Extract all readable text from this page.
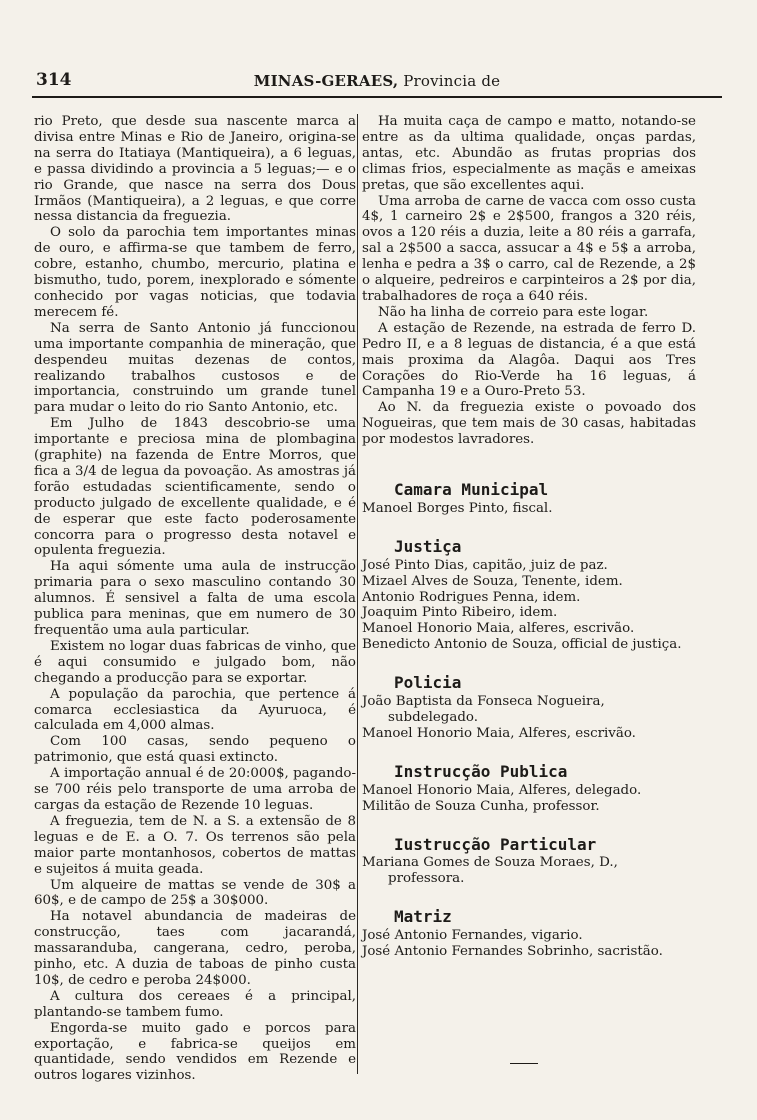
314	MINAS-GERAES, Provincia de

rio Preto, que desde sua nascente marca a divisa entre Minas e Rio de Janeiro, origina-se na serra do Itatiaya (Mantiqueira), a 6 leguas, e passa dividindo a provincia a 5 leguas;— e o rio Grande, que nasce na serra dos Dous Irmãos (Mantiqueira), a 2 leguas, e que corre nessa distancia da freguezia.

O solo da parochia tem importantes minas de ouro, e affirma-se que tambem de ferro, cobre, estanho, chumbo, mercurio, platina e bismutho, tudo, porem, inexplorado e sómente conhecido por vagas noticias, que todavia merecem fé.

Na serra de Santo Antonio já funccionou uma importante companhia de mineração, que despendeu muitas dezenas de contos, realizando trabalhos custosos e de importancia, construindo um grande tunel para mudar o leito do rio Santo Antonio, etc.

Em Julho de 1843 descobrio-se uma importante e preciosa mina de plombagina (graphite) na fazenda de Entre Morros, que fica a 3/4 de legua da povoação. As amostras já forão estudadas scientificamente, sendo o producto julgado de excellente qualidade, e é de esperar que este facto poderosamente concorra para o progresso desta notavel e opulenta freguezia.

Ha aqui sómente uma aula de instrucção primaria para o sexo masculino contando 30 alumnos. É sensivel a falta de uma escola publica para meninas, que em numero de 30 frequentão uma aula particular.

Existem no logar duas fabricas de vinho, que é aqui consumido e julgado bom, não chegando a producção para se exportar.

A população da parochia, que pertence á comarca ecclesiastica da Ayuruoca, é calculada em 4,000 almas.

Com 100 casas, sendo pequeno o patrimonio, que está quasi extincto.

A importação annual é de 20:000$, pagando-se 700 réis pelo transporte de uma arroba de cargas da estação de Rezende 10 leguas.

A freguezia, tem de N. a S. a extensão de 8 leguas e de E. a O. 7. Os terrenos são pela maior parte montanhosos, cobertos de mattas e sujeitos á muita geada.

Um alqueire de mattas se vende de 30$ a 60$, e de campo de 25$ a 30$000.

Ha notavel abundancia de madeiras de construcção, taes com jacarandá, massaranduba, cangerana, cedro, peroba, pinho, etc. A duzia de taboas de pinho custa 10$, de cedro e peroba 24$000.

A cultura dos cereaes é a principal, plantando-se tambem fumo.

Engorda-se muito gado e porcos para exportação, e fabrica-se queijos em quantidade, sendo vendidos em Rezende e outros logares vizinhos.

Ha muita caça de campo e matto, notando-se entre as da ultima qualidade, onças pardas, antas, etc. Abundão as frutas proprias dos climas frios, especialmente as maçãs e ameixas pretas, que são excellentes aqui.

Uma arroba de carne de vacca com osso custa 4$, 1 carneiro 2$ e 2$500, frangos a 320 réis, ovos a 120 réis a duzia, leite a 80 réis a garrafa, sal a 2$500 a sacca, assucar a 4$ e 5$ a arroba, lenha e pedra a 3$ o carro, cal de Rezende, a 2$ o alqueire, pedreiros e carpinteiros a 2$ por dia, trabalhadores de roça a 640 réis.

Não ha linha de correio para este logar.

A estação de Rezende, na estrada de ferro D. Pedro II, e a 8 leguas de distancia, é a que está mais proxima da Alagôa. Daqui aos Tres Corações do Rio-Verde ha 16 leguas, á Campanha 19 e a Ouro-Preto 53.

Ao N. da freguezia existe o povoado dos Nogueiras, que tem mais de 30 casas, habitadas por modestos lavradores.

Camara Municipal

Manoel Borges Pinto, fiscal.

Justiça

José Pinto Dias, capitão, juiz de paz.

Mizael Alves de Souza, Tenente, idem.

Antonio Rodrigues Penna, idem.

Joaquim Pinto Ribeiro, idem.

Manoel Honorio Maia, alferes, escrivão.

Benedicto Antonio de Souza, official de justiça.

Policia

João Baptista da Fonseca Nogueira, subdelegado.

Manoel Honorio Maia, Alferes, escrivão.

Instrucção Publica

Manoel Honorio Maia, Alferes, delegado.

Militão de Souza Cunha, professor.

Iustrucção Particular

Mariana Gomes de Souza Moraes, D., professora.

Matriz

José Antonio Fernandes, vigario.

José Antonio Fernandes Sobrinho, sacristão.
